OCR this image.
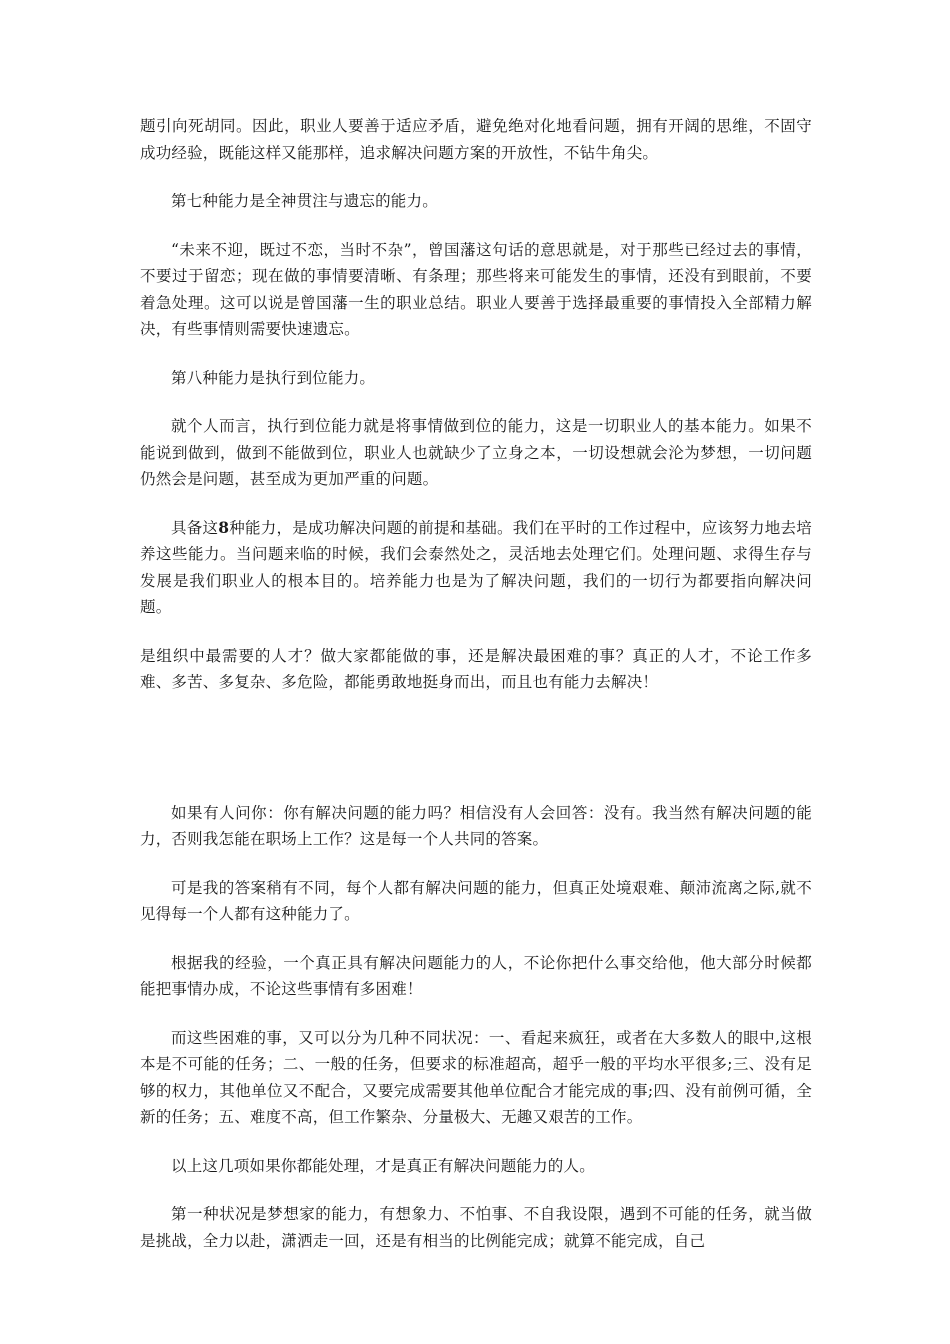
题引向死胡同。因此，职业人要善于适应矛盾，避免绝对化地看问题，拥有开阔的思维，不固守成功经验，既能这样又能那样，追求解决问题方案的开放性，不钻牛角尖。

第七种能力是全神贯注与遗忘的能力。

“未来不迎，既过不恋，当时不杂”，曾国藩这句话的意思就是，对于那些已经过去的事情，不要过于留恋；现在做的事情要清晰、有条理；那些将来可能发生的事情，还没有到眼前，不要着急处理。这可以说是曾国藩一生的职业总结。职业人要善于选择最重要的事情投入全部精力解决，有些事情则需要快速遗忘。

第八种能力是执行到位能力。

就个人而言，执行到位能力就是将事情做到位的能力，这是一切职业人的基本能力。如果不能说到做到，做到不能做到位，职业人也就缺少了立身之本，一切设想就会沦为梦想，一切问题仍然会是问题，甚至成为更加严重的问题。

具备这8种能力，是成功解决问题的前提和基础。我们在平时的工作过程中，应该努力地去培养这些能力。当问题来临的时候，我们会泰然处之，灵活地去处理它们。处理问题、求得生存与发展是我们职业人的根本目的。培养能力也是为了解决问题，我们的一切行为都要指向解决问题。

是组织中最需要的人才？做大家都能做的事，还是解决最困难的事？真正的人才，不论工作多难、多苦、多复杂、多危险，都能勇敢地挺身而出，而且也有能力去解决！

如果有人问你：你有解决问题的能力吗？相信没有人会回答：没有。我当然有解决问题的能力，否则我怎能在职场上工作？这是每一个人共同的答案。

可是我的答案稍有不同，每个人都有解决问题的能力，但真正处境艰难、颠沛流离之际,就不见得每一个人都有这种能力了。

根据我的经验，一个真正具有解决问题能力的人，不论你把什么事交给他，他大部分时候都能把事情办成，不论这些事情有多困难！

而这些困难的事，又可以分为几种不同状况：一、看起来疯狂，或者在大多数人的眼中,这根本是不可能的任务；二、一般的任务，但要求的标准超高，超乎一般的平均水平很多;三、没有足够的权力，其他单位又不配合，又要完成需要其他单位配合才能完成的事;四、没有前例可循，全新的任务；五、难度不高，但工作繁杂、分量极大、无趣又艰苦的工作。

以上这几项如果你都能处理，才是真正有解决问题能力的人。

第一种状况是梦想家的能力，有想象力、不怕事、不自我设限，遇到不可能的任务，就当做是挑战，全力以赴，潇洒走一回，还是有相当的比例能完成；就算不能完成，自己
